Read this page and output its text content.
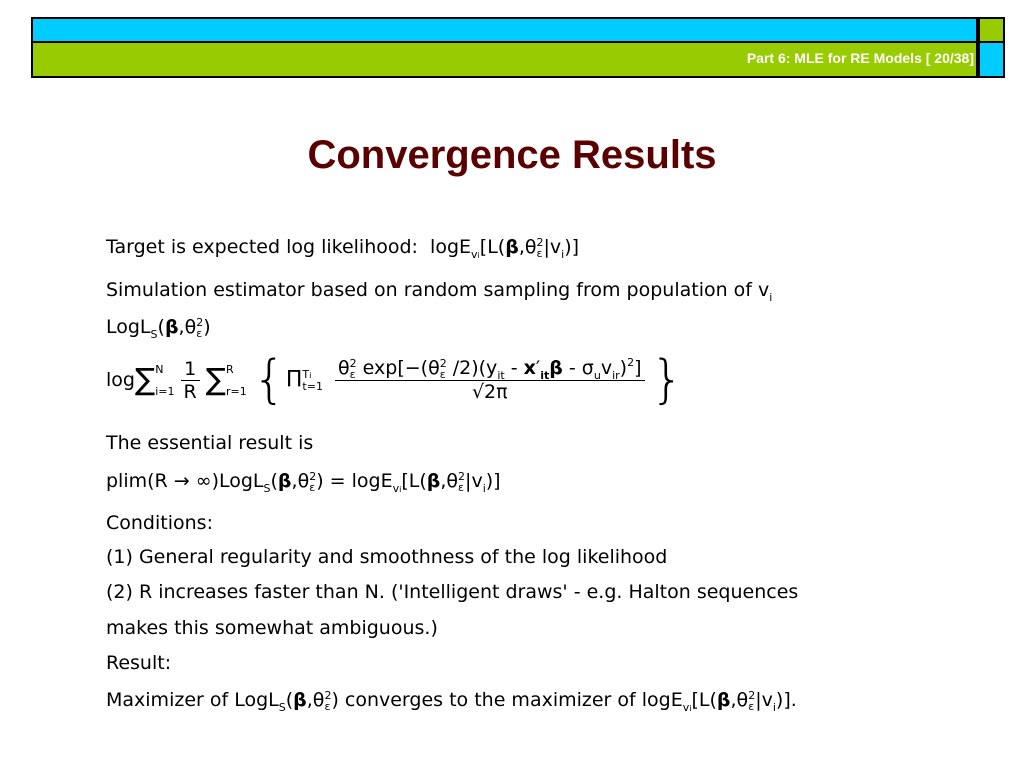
Part 6: MLE for RE Models [ 20/38]
Convergence Results
Target is expected log likelihood:  logE$_{vi}$[L(β,θ2
$\varepsilon|v_i$)]
Simulation estimator based on random sampling from population of $v_i$
LogL$_S$(β,θ2
ε)
log∑N

$i=1 \frac{1}{R} \sum R$

r=1 {ΠTi
t=1
θ2
ε exp[−(θ2
ε $/2)(y_{it} - x'_{it}\beta - \sigma_uv_{ir})^2$]
√2π	}
The essential result is
plim(R → ∞)LogL$_S$(β,θ2
ε) = logE$_{vi}$[L(β,θ2
$\varepsilon|v_i$)]
Conditions:
(1) General regularity and smoothness of the log likelihood
(2) R increases faster than N. ('Intelligent draws' - e.g. Halton sequences
makes this somewhat ambiguous.)
Result:
Maximizer of LogL$_S$(β,θ2
ε) converges to the maximizer of logE$_{vi}$[L(β,θ2
$\varepsilon|v_i$)].
